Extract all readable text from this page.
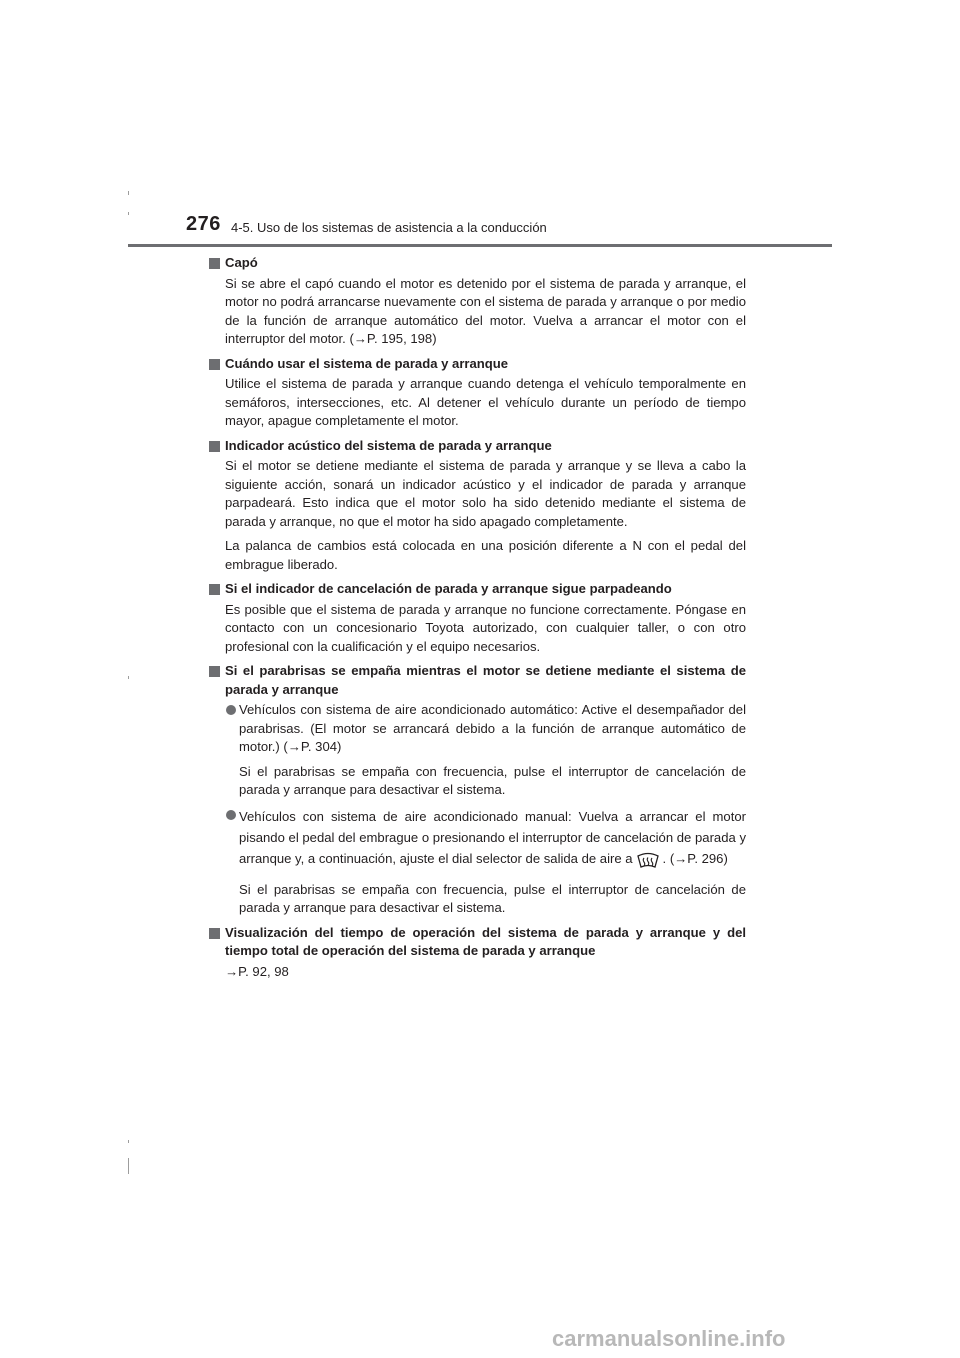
276 4-5. Uso de los sistemas de asistencia a la conducción
Capó
Si se abre el capó cuando el motor es detenido por el sistema de parada y arranque, el motor no podrá arrancarse nuevamente con el sistema de parada y arranque o por medio de la función de arranque automático del motor. Vuelva a arrancar el motor con el interruptor del motor. (→P. 195, 198)
Cuándo usar el sistema de parada y arranque
Utilice el sistema de parada y arranque cuando detenga el vehículo temporalmente en semáforos, intersecciones, etc. Al detener el vehículo durante un período de tiempo mayor, apague completamente el motor.
Indicador acústico del sistema de parada y arranque
Si el motor se detiene mediante el sistema de parada y arranque y se lleva a cabo la siguiente acción, sonará un indicador acústico y el indicador de parada y arranque parpadeará. Esto indica que el motor solo ha sido detenido mediante el sistema de parada y arranque, no que el motor ha sido apagado completamente.
La palanca de cambios está colocada en una posición diferente a N con el pedal del embrague liberado.
Si el indicador de cancelación de parada y arranque sigue parpadeando
Es posible que el sistema de parada y arranque no funcione correctamente. Póngase en contacto con un concesionario Toyota autorizado, con cualquier taller, o con otro profesional con la cualificación y el equipo necesarios.
Si el parabrisas se empaña mientras el motor se detiene mediante el sistema de parada y arranque
Vehículos con sistema de aire acondicionado automático: Active el desempañador del parabrisas. (El motor se arrancará debido a la función de arranque automático de motor.) (→P. 304)
Si el parabrisas se empaña con frecuencia, pulse el interruptor de cancelación de parada y arranque para desactivar el sistema.
Vehículos con sistema de aire acondicionado manual: Vuelva a arrancar el motor pisando el pedal del embrague o presionando el interruptor de cancelación de parada y arranque y, a continuación, ajuste el dial selector de salida de aire a . (→P. 296)
Si el parabrisas se empaña con frecuencia, pulse el interruptor de cancelación de parada y arranque para desactivar el sistema.
Visualización del tiempo de operación del sistema de parada y arranque y del tiempo total de operación del sistema de parada y arranque
→P. 92, 98
carmanualsonline.info
